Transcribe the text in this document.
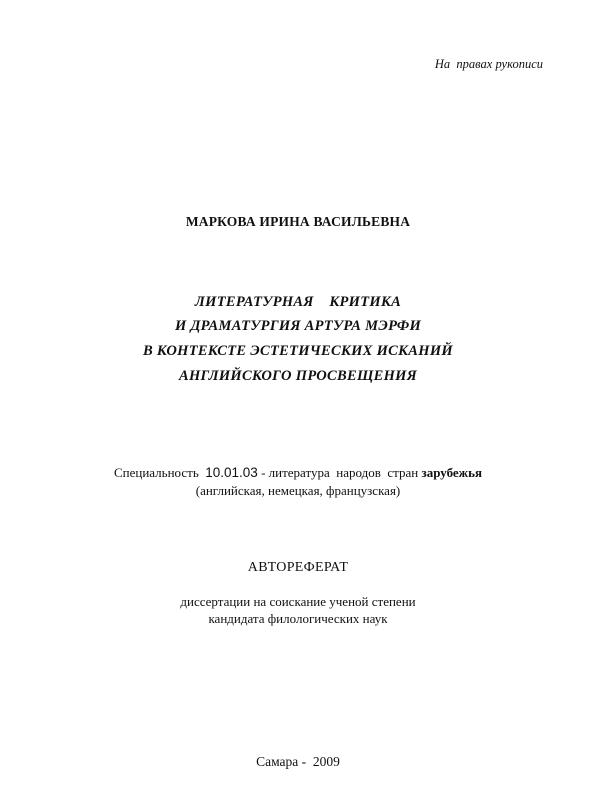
На  правах рукописи
МАРКОВА ИРИНА ВАСИЛЬЕВНА
ЛИТЕРАТУРНАЯ    КРИТИКА
И ДРАМАТУРГИЯ АРТУРА МЭРФИ
В КОНТЕКСТЕ ЭСТЕТИЧЕСКИХ ИСКАНИЙ
АНГЛИЙСКОГО ПРОСВЕЩЕНИЯ
Специальность  10.01.03 - литература  народов  стран зарубежья
(английская, немецкая, французская)
АВТОРЕФЕРАТ
диссертации на соискание ученой степени
кандидата филологических наук
Самара -  2009
